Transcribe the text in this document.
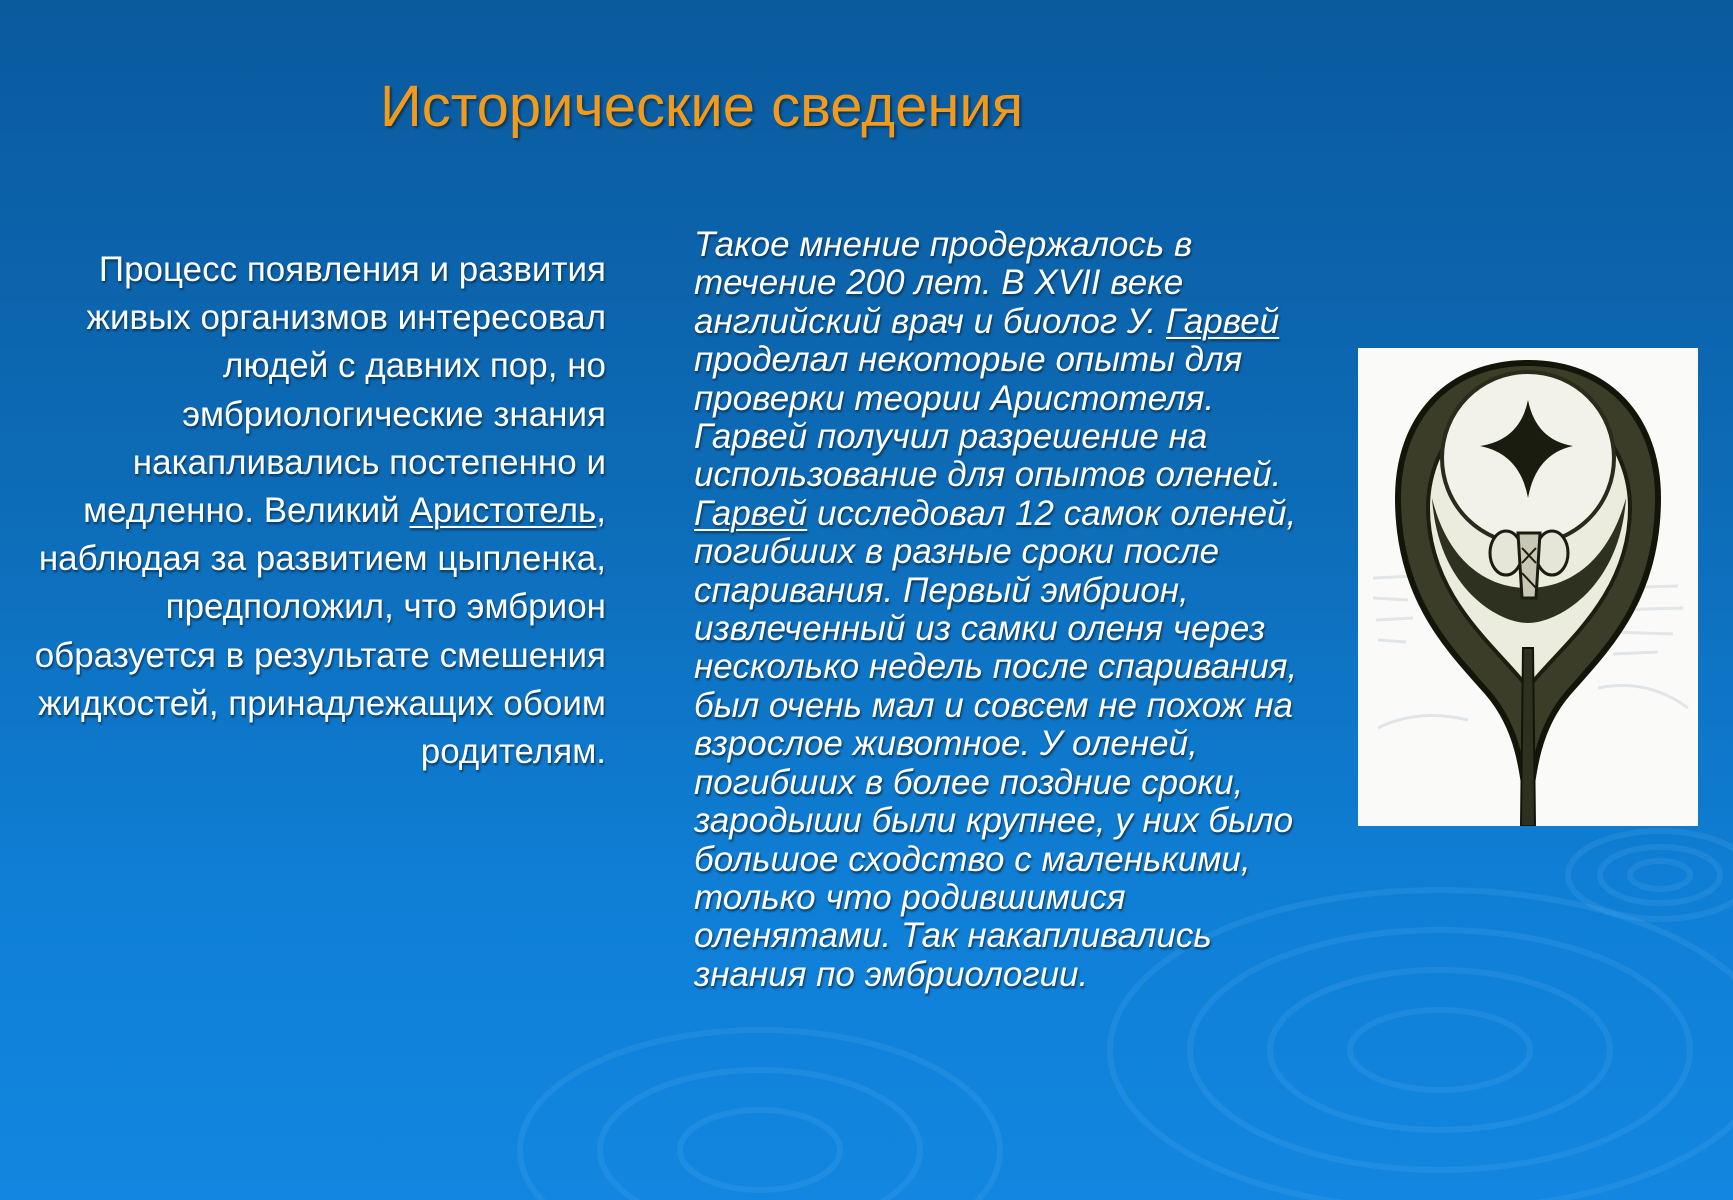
Исторические сведения

Процесс появления и развития живых организмов интересовал людей с давних пор, но эмбриологические знания накапливались постепенно и медленно. Великий Аристотель, наблюдая за развитием цыпленка, предположил, что эмбрион образуется в результате смешения жидкостей, принадлежащих обоим родителям.

Такое мнение продержалось в течение 200 лет. В XVII веке английский врач и биолог У. Гарвей проделал некоторые опыты для проверки теории Аристотеля. Гарвей получил разрешение на использование для опытов оленей. Гарвей исследовал 12 самок оленей, погибших в разные сроки после спаривания. Первый эмбрион, извлеченный из самки оленя через несколько недель после спаривания, был очень мал и совсем не похож на взрослое животное. У оленей, погибших в более поздние сроки, зародыши были крупнее, у них было большое сходство с маленькими, только что родившимися оленятами. Так накапливались знания по эмбриологии.
